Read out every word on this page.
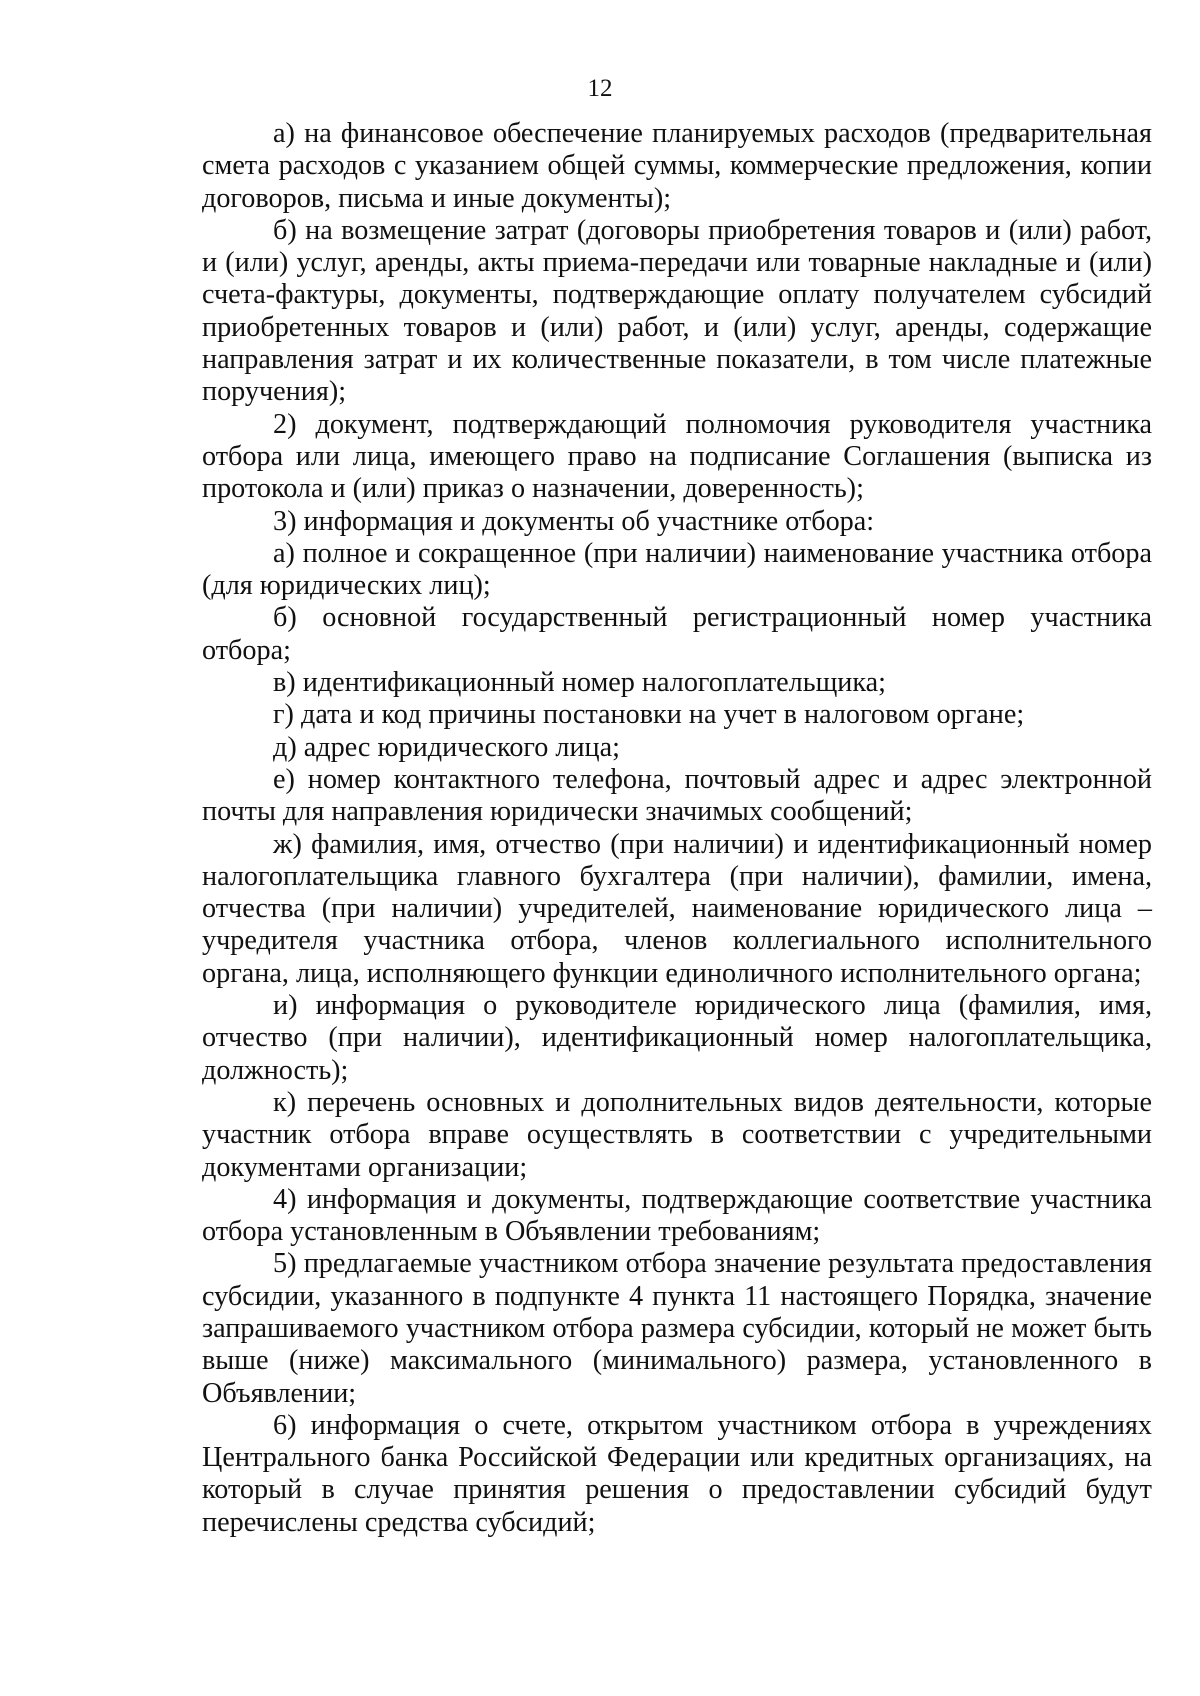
12

а) на финансовое обеспечение планируемых расходов (предварительная смета расходов с указанием общей суммы, коммерческие предложения, копии договоров, письма и иные документы);

б) на возмещение затрат (договоры приобретения товаров и (или) работ, и (или) услуг, аренды, акты приема-передачи или товарные накладные и (или) счета-фактуры, документы, подтверждающие оплату получателем субсидий приобретенных товаров и (или) работ, и (или) услуг, аренды, содержащие направления затрат и их количественные показатели, в том числе платежные поручения);

2) документ, подтверждающий полномочия руководителя участника отбора или лица, имеющего право на подписание Соглашения (выписка из протокола и (или) приказ о назначении, доверенность);

3) информация и документы об участнике отбора:

а) полное и сокращенное (при наличии) наименование участника отбора (для юридических лиц);

б) основной государственный регистрационный номер участника отбора;

в) идентификационный номер налогоплательщика;

г) дата и код причины постановки на учет в налоговом органе;

д) адрес юридического лица;

е) номер контактного телефона, почтовый адрес и адрес электронной почты для направления юридически значимых сообщений;

ж) фамилия, имя, отчество (при наличии) и идентификационный номер налогоплательщика главного бухгалтера (при наличии), фамилии, имена, отчества (при наличии) учредителей, наименование юридического лица – учредителя участника отбора, членов коллегиального исполнительного органа, лица, исполняющего функции единоличного исполнительного органа;

и) информация о руководителе юридического лица (фамилия, имя, отчество (при наличии), идентификационный номер налогоплательщика, должность);

к) перечень основных и дополнительных видов деятельности, которые участник отбора вправе осуществлять в соответствии с учредительными документами организации;

4) информация и документы, подтверждающие соответствие участника отбора установленным в Объявлении требованиям;

5) предлагаемые участником отбора значение результата предоставления субсидии, указанного в подпункте 4 пункта 11 настоящего Порядка, значение запрашиваемого участником отбора размера субсидии, который не может быть выше (ниже) максимального (минимального) размера, установленного в Объявлении;

6) информация о счете, открытом участником отбора в учреждениях Центрального банка Российской Федерации или кредитных организациях, на который в случае принятия решения о предоставлении субсидий будут перечислены средства субсидий;
